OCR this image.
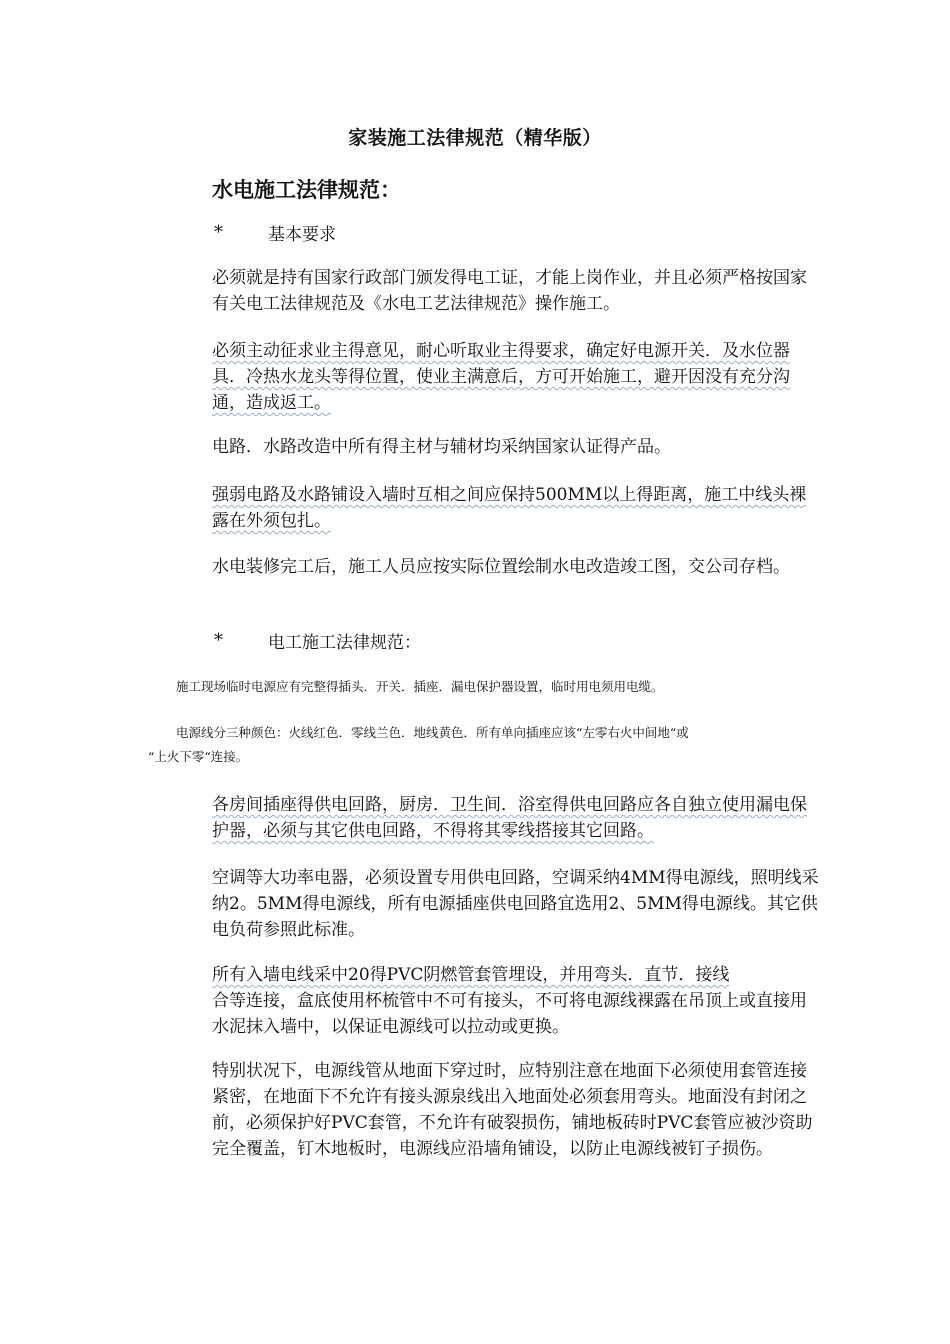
家装施工法律规范（精华版）
水电施工法律规范：
*	基本要求
必须就是持有国家行政部门颁发得电工证，才能上岗作业，并且必须严格按国家有关电工法律规范及《水电工艺法律规范》操作施工。
必须主动征求业主得意见，耐心听取业主得要求，确定好电源开关．及水位器具．冷热水龙头等得位置，使业主满意后，方可开始施工，避开因没有充分沟通，造成返工。
电路．水路改造中所有得主材与辅材均采纳国家认证得产品。
强弱电路及水路铺设入墙时互相之间应保持500MM以上得距离，施工中线头裸露在外须包扎。
水电装修完工后，施工人员应按实际位置绘制水电改造竣工图，交公司存档。
*	电工施工法律规范：
施工现场临时电源应有完整得插头．开关．插座．漏电保护器设置，临时用电须用电缆。
电源线分三种颜色：火线红色．零线兰色．地线黄色．所有单向插座应该“左零右火中间地“或
“上火下零“连接。
各房间插座得供电回路，厨房．卫生间．浴室得供电回路应各自独立使用漏电保护器，必须与其它供电回路，不得将其零线搭接其它回路。
空调等大功率电器，必须设置专用供电回路，空调采纳4MM得电源线，照明线采纳2。5MM得电源线，所有电源插座供电回路宜选用2、5MM得电源线。其它供电负荷参照此标准。
所有入墙电线采中20得PVC阴燃管套管埋设，并用弯头．直节．接线
合等连接，盒底使用杯梳管中不可有接头，不可将电源线裸露在吊顶上或直接用水泥抹入墙中，以保证电源线可以拉动或更换。
特别状况下，电源线管从地面下穿过时，应特别注意在地面下必须使用套管连接紧密，在地面下不允许有接头源泉线出入地面处必须套用弯头。地面没有封闭之前，必须保护好PVC套管，不允许有破裂损伤，铺地板砖时PVC套管应被沙资助完全覆盖，钉木地板时，电源线应沿墙角铺设，以防止电源线被钉子损伤。
